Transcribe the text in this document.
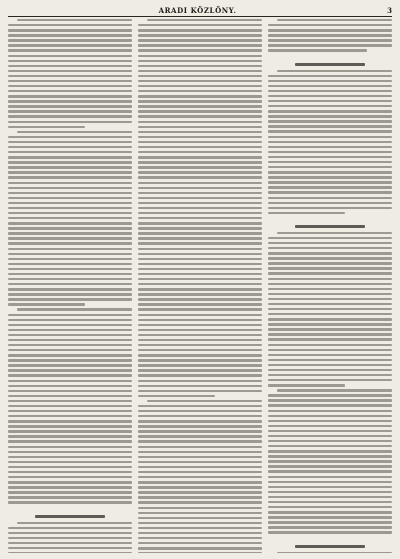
ARADI KÖZLÖNY.	3
